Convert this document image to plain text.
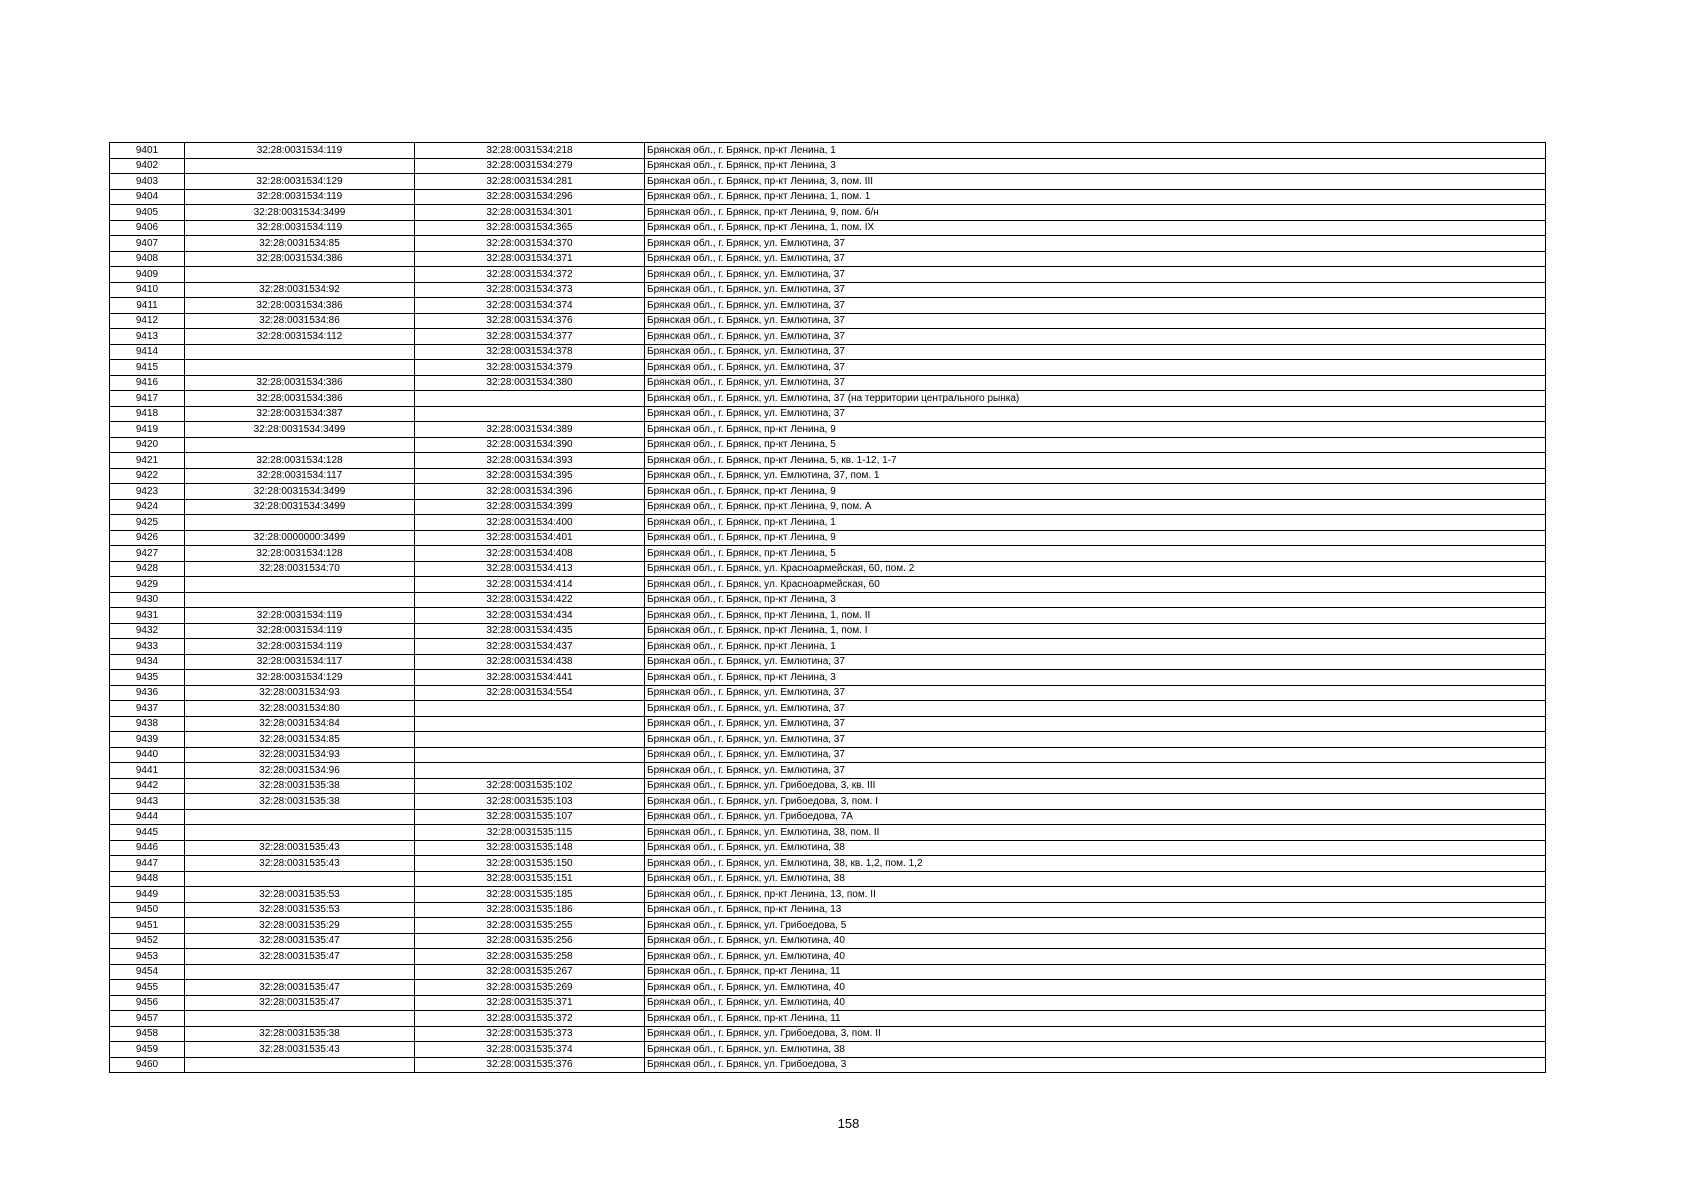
9401	32:28:0031534:119	32:28:0031534:218	Брянская обл., г. Брянск, пр-кт Ленина, 1
9402		32:28:0031534:279	Брянская обл., г. Брянск, пр-кт Ленина, 3
9403	32:28:0031534:129	32:28:0031534:281	Брянская обл., г. Брянск, пр-кт Ленина, 3, пом. III
9404	32:28:0031534:119	32:28:0031534:296	Брянская обл., г. Брянск, пр-кт Ленина, 1, пом. 1
9405	32:28:0031534:3499	32:28:0031534:301	Брянская обл., г. Брянск, пр-кт Ленина, 9, пом. б/н
9406	32:28:0031534:119	32:28:0031534:365	Брянская обл., г. Брянск, пр-кт Ленина, 1, пом. IX
9407	32:28:0031534:85	32:28:0031534:370	Брянская обл., г. Брянск, ул. Емлютина, 37
9408	32:28:0031534:386	32:28:0031534:371	Брянская обл., г. Брянск, ул. Емлютина, 37
9409		32:28:0031534:372	Брянская обл., г. Брянск, ул. Емлютина, 37
9410	32:28:0031534:92	32:28:0031534:373	Брянская обл., г. Брянск, ул. Емлютина, 37
9411	32:28:0031534:386	32:28:0031534:374	Брянская обл., г. Брянск, ул. Емлютина, 37
9412	32:28:0031534:86	32:28:0031534:376	Брянская обл., г. Брянск, ул. Емлютина, 37
9413	32:28:0031534:112	32:28:0031534:377	Брянская обл., г. Брянск, ул. Емлютина, 37
9414		32:28:0031534:378	Брянская обл., г. Брянск, ул. Емлютина, 37
9415		32:28:0031534:379	Брянская обл., г. Брянск, ул. Емлютина, 37
9416	32:28:0031534:386	32:28:0031534:380	Брянская обл., г. Брянск, ул. Емлютина, 37
9417	32:28:0031534:386		Брянская обл., г. Брянск, ул. Емлютина, 37 (на территории центрального рынка)
9418	32:28:0031534:387		Брянская обл., г. Брянск, ул. Емлютина, 37
9419	32:28:0031534:3499	32:28:0031534:389	Брянская обл., г. Брянск, пр-кт Ленина, 9
9420		32:28:0031534:390	Брянская обл., г. Брянск, пр-кт Ленина, 5
9421	32:28:0031534:128	32:28:0031534:393	Брянская обл., г. Брянск, пр-кт Ленина, 5, кв. 1-12, 1-7
9422	32:28:0031534:117	32:28:0031534:395	Брянская обл., г. Брянск, ул. Емлютина, 37, пом. 1
9423	32:28:0031534:3499	32:28:0031534:396	Брянская обл., г. Брянск, пр-кт Ленина, 9
9424	32:28:0031534:3499	32:28:0031534:399	Брянская обл., г. Брянск, пр-кт Ленина, 9, пом. А
9425		32:28:0031534:400	Брянская обл., г. Брянск, пр-кт Ленина, 1
9426	32:28:0000000:3499	32:28:0031534:401	Брянская обл., г. Брянск, пр-кт Ленина, 9
9427	32:28:0031534:128	32:28:0031534:408	Брянская обл., г. Брянск, пр-кт Ленина, 5
9428	32:28:0031534:70	32:28:0031534:413	Брянская обл., г. Брянск, ул. Красноармейская, 60, пом. 2
9429		32:28:0031534:414	Брянская обл., г. Брянск, ул. Красноармейская, 60
9430		32:28:0031534:422	Брянская обл., г. Брянск, пр-кт Ленина, 3
9431	32:28:0031534:119	32:28:0031534:434	Брянская обл., г. Брянск, пр-кт Ленина, 1, пом. II
9432	32:28:0031534:119	32:28:0031534:435	Брянская обл., г. Брянск, пр-кт Ленина, 1, пом. I
9433	32:28:0031534:119	32:28:0031534:437	Брянская обл., г. Брянск, пр-кт Ленина, 1
9434	32:28:0031534:117	32:28:0031534:438	Брянская обл., г. Брянск, ул. Емлютина, 37
9435	32:28:0031534:129	32:28:0031534:441	Брянская обл., г. Брянск, пр-кт Ленина, 3
9436	32:28:0031534:93	32:28:0031534:554	Брянская обл., г. Брянск, ул. Емлютина, 37
9437	32:28:0031534:80		Брянская обл., г. Брянск, ул. Емлютина, 37
9438	32:28:0031534:84		Брянская обл., г. Брянск, ул. Емлютина, 37
9439	32:28:0031534:85		Брянская обл., г. Брянск, ул. Емлютина, 37
9440	32:28:0031534:93		Брянская обл., г. Брянск, ул. Емлютина, 37
9441	32:28:0031534:96		Брянская обл., г. Брянск, ул. Емлютина, 37
9442	32:28:0031535:38	32:28:0031535:102	Брянская обл., г. Брянск, ул. Грибоедова, 3, кв. III
9443	32:28:0031535:38	32:28:0031535:103	Брянская обл., г. Брянск, ул. Грибоедова, 3, пом. I
9444		32:28:0031535:107	Брянская обл., г. Брянск, ул. Грибоедова, 7А
9445		32:28:0031535:115	Брянская обл., г. Брянск, ул. Емлютина, 38, пом. II
9446	32:28:0031535:43	32:28:0031535:148	Брянская обл., г. Брянск, ул. Емлютина, 38
9447	32:28:0031535:43	32:28:0031535:150	Брянская обл., г. Брянск, ул. Емлютина, 38, кв. 1,2, пом. 1,2
9448		32:28:0031535:151	Брянская обл., г. Брянск, ул. Емлютина, 38
9449	32:28:0031535:53	32:28:0031535:185	Брянская обл., г. Брянск, пр-кт Ленина, 13, пом. II
9450	32:28:0031535:53	32:28:0031535:186	Брянская обл., г. Брянск, пр-кт Ленина, 13
9451	32:28:0031535:29	32:28:0031535:255	Брянская обл., г. Брянск, ул. Грибоедова, 5
9452	32:28:0031535:47	32:28:0031535:256	Брянская обл., г. Брянск, ул. Емлютина, 40
9453	32:28:0031535:47	32:28:0031535:258	Брянская обл., г. Брянск, ул. Емлютина, 40
9454		32:28:0031535:267	Брянская обл., г. Брянск, пр-кт Ленина, 11
9455	32:28:0031535:47	32:28:0031535:269	Брянская обл., г. Брянск, ул. Емлютина, 40
9456	32:28:0031535:47	32:28:0031535:371	Брянская обл., г. Брянск, ул. Емлютина, 40
9457		32:28:0031535:372	Брянская обл., г. Брянск, пр-кт Ленина, 11
9458	32:28:0031535:38	32:28:0031535:373	Брянская обл., г. Брянск, ул. Грибоедова, 3, пом. II
9459	32:28:0031535:43	32:28:0031535:374	Брянская обл., г. Брянск, ул. Емлютина, 38
9460		32:28:0031535:376	Брянская обл., г. Брянск, ул. Грибоедова, 3
158
